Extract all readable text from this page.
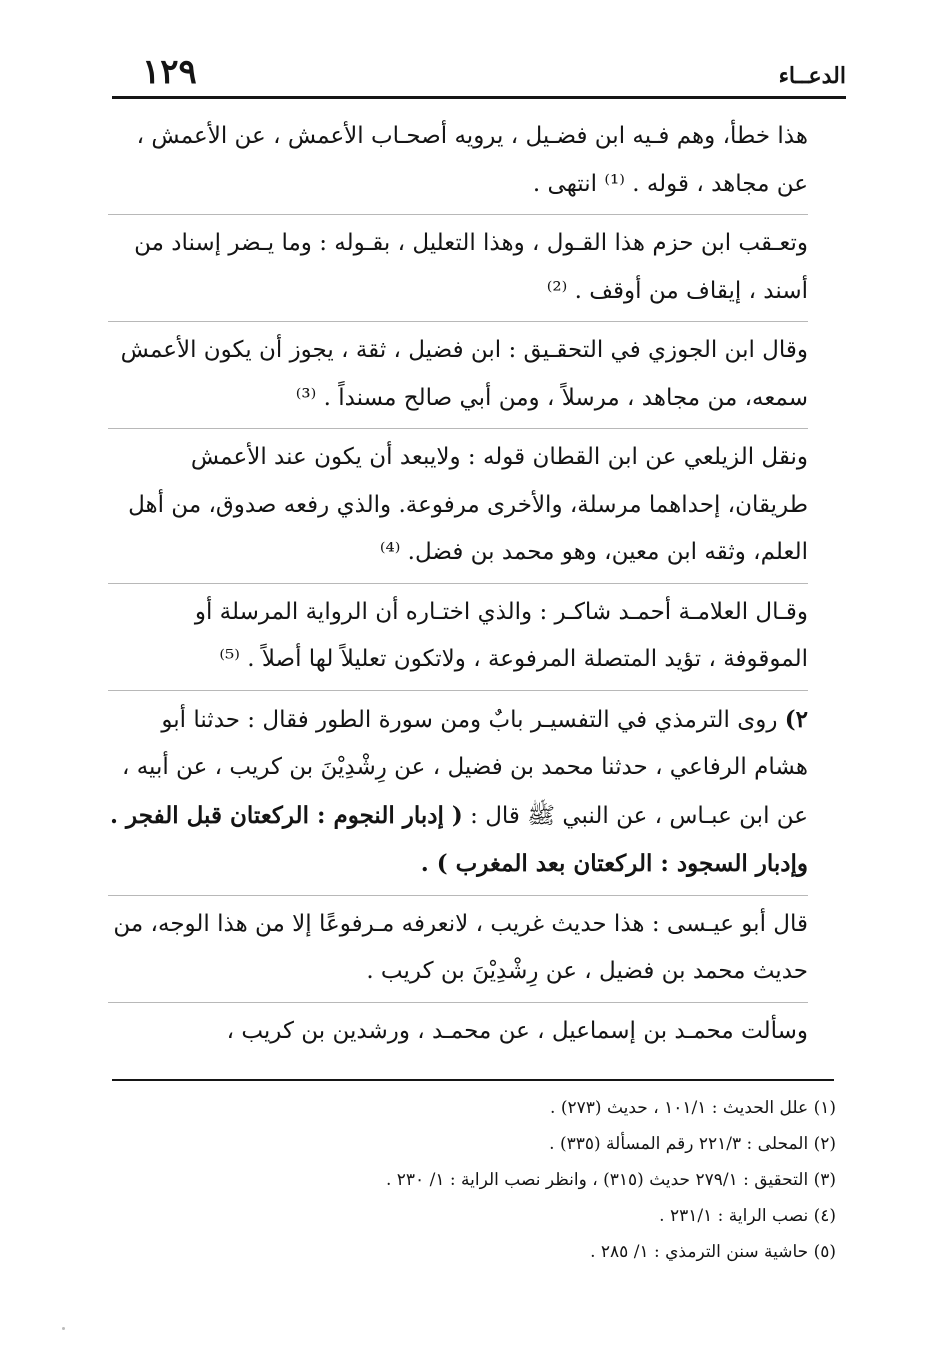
١٢٩	الدعــاء

هذا خطأ، وهم فـيه ابن فضـيل ، يرويه أصحـاب الأعمش ، عن الأعمش ، عن مجاهد ، قوله . ⁽¹⁾ انتهى .

وتعـقب ابن حزم هذا القـول ، وهذا التعليل ، بقـوله : وما يـضر إسناد من أسند ، إيقاف من أوقف . ⁽²⁾

وقال ابن الجوزي في التحقـيق : ابن فضيل ، ثقة ، يجوز أن يكون الأعمش سمعه، من مجاهد ، مرسلاً ، ومن أبي صالح مسنداً . ⁽³⁾

ونقل الزيلعي عن ابن القطان قوله : ولايبعد أن يكون عند الأعمش طريقان، إحداهما مرسلة، والأخرى مرفوعة. والذي رفعه صدوق، من أهل العلم، وثقه ابن معين، وهو محمد بن فضل. ⁽⁴⁾

وقـال العلامـة أحمـد شاكـر : والذي اختـاره أن الرواية المرسلة أو الموقوفة ، تؤيد المتصلة المرفوعة ، ولاتكون تعليلاً لها أصلاً . ⁽⁵⁾

٢) روى الترمذي في التفسيـر بابٌ ومن سورة الطور فقال : حدثنا أبو هشام الرفاعي ، حدثنا محمد بن فضيل ، عن رِشْدِيْنَ بن كريب ، عن أبيه ، عن ابن عبـاس ، عن النبي ﷺ قال : ( إدبار النجوم : الركعتان قبل الفجر . وإدبار السجود : الركعتان بعد المغرب ) .

قال أبو عيـسى : هذا حديث غريب ، لانعرفه مـرفوعًا إلا من هذا الوجه، من حديث محمد بن فضيل ، عن رِشْدِيْنَ بن كريب .

وسألت محمـد بن إسماعيل ، عن محمـد ، ورشدين بن كريب ،

(١) علل الحديث : ١٠١/١ ، حديث (٢٧٣) .

(٢) المحلى : ٢٢١/٣ رقم المسألة (٣٣٥) .

(٣) التحقيق : ٢٧٩/١ حديث (٣١٥) ، وانظر نصب الراية : ١/ ٢٣٠ .

(٤) نصب الراية : ٢٣١/١ .

(٥) حاشية سنن الترمذي : ١/ ٢٨٥ .
